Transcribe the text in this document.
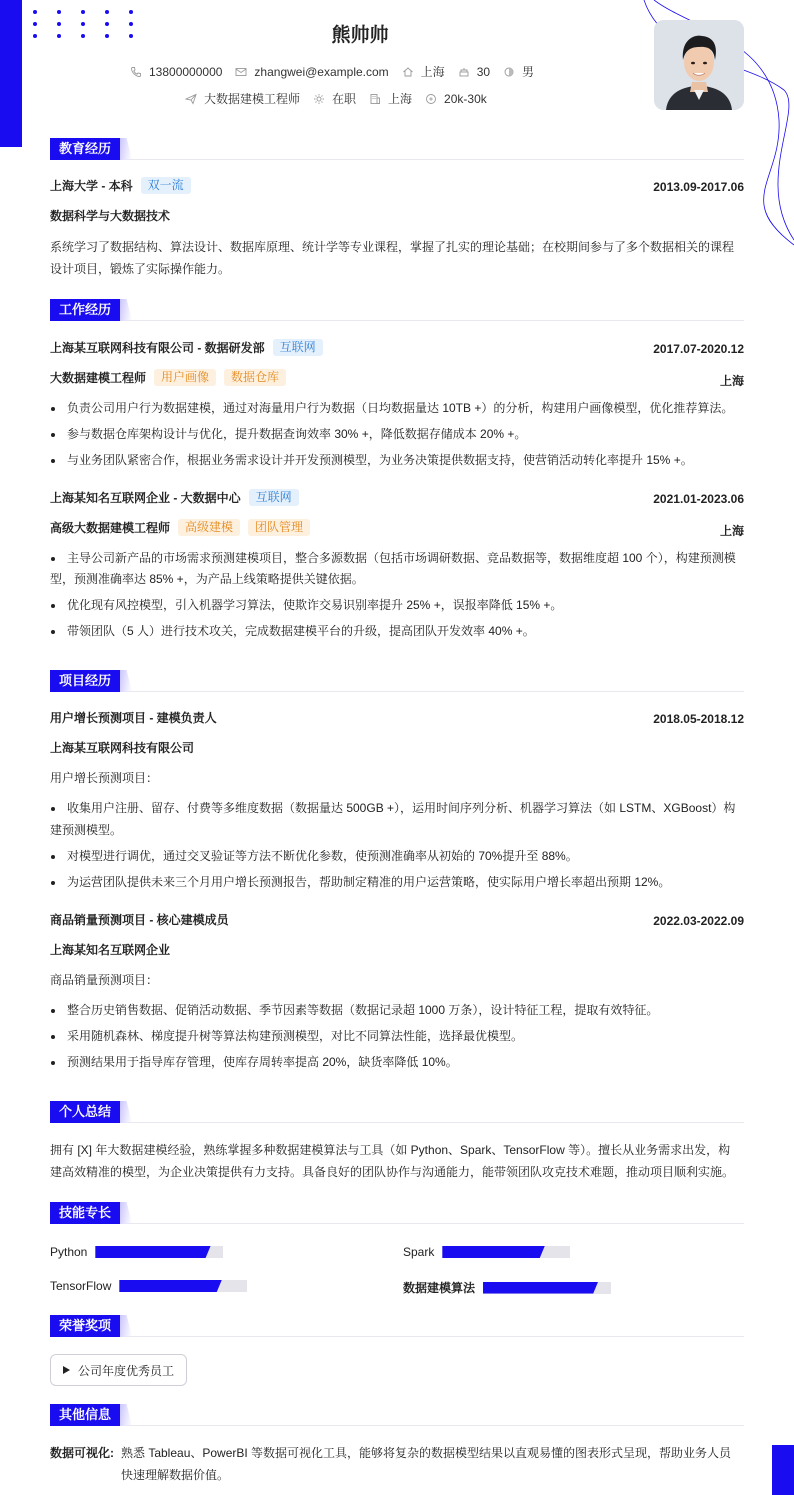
熊帅帅
13800000000	zhangwei@example.com	上海	30	男
大数据建模工程师	在职	上海	20k-30k
教育经历
上海大学 - 本科 双一流	2013.09-2017.06
数据科学与大数据技术
系统学习了数据结构、算法设计、数据库原理、统计学等专业课程，掌握了扎实的理论基础；在校期间参与了多个数据相关的课程
设计项目，锻炼了实际操作能力。
工作经历
上海某互联网科技有限公司 - 数据研发部 互联网	2017.07-2020.12
大数据建模工程师 用户画像 数据仓库	上海
负责公司用户行为数据建模，通过对海量用户行为数据（日均数据量达 10TB +）的分析，构建用户画像模型，优化推荐算法。
参与数据仓库架构设计与优化，提升数据查询效率 30% +，降低数据存储成本 20% +。
与业务团队紧密合作，根据业务需求设计并开发预测模型，为业务决策提供数据支持，使营销活动转化率提升 15% +。
上海某知名互联网企业 - 大数据中心 互联网	2021.01-2023.06
高级大数据建模工程师 高级建模 团队管理	上海
主导公司新产品的市场需求预测建模项目，整合多源数据（包括市场调研数据、竞品数据等，数据维度超 100 个），构建预测模
型，预测准确率达 85% +，为产品上线策略提供关键依据。
优化现有风控模型，引入机器学习算法，使欺诈交易识别率提升 25% +，误报率降低 15% +。
带领团队（5 人）进行技术攻关，完成数据建模平台的升级，提高团队开发效率 40% +。
项目经历
用户增长预测项目 - 建模负责人	2018.05-2018.12
上海某互联网科技有限公司
用户增长预测项目：
收集用户注册、留存、付费等多维度数据（数据量达 500GB +），运用时间序列分析、机器学习算法（如 LSTM、XGBoost）构
建预测模型。
对模型进行调优，通过交叉验证等方法不断优化参数，使预测准确率从初始的 70%提升至 88%。
为运营团队提供未来三个月用户增长预测报告，帮助制定精准的用户运营策略，使实际用户增长率超出预期 12%。
商品销量预测项目 - 核心建模成员	2022.03-2022.09
上海某知名互联网企业
商品销量预测项目：
整合历史销售数据、促销活动数据、季节因素等数据（数据记录超 1000 万条），设计特征工程，提取有效特征。
采用随机森林、梯度提升树等算法构建预测模型，对比不同算法性能，选择最优模型。
预测结果用于指导库存管理，使库存周转率提高 20%，缺货率降低 10%。
个人总结
拥有 [X] 年大数据建模经验，熟练掌握多种数据建模算法与工具（如 Python、Spark、TensorFlow 等）。擅长从业务需求出发，构
建高效精准的模型，为企业决策提供有力支持。具备良好的团队协作与沟通能力，能带领团队攻克技术难题，推动项目顺利实施。
技能专长
Python	Spark
TensorFlow	数据建模算法
荣誉奖项
公司年度优秀员工
其他信息
数据可视化: 熟悉 Tableau、PowerBI 等数据可视化工具，能够将复杂的数据模型结果以直观易懂的图表形式呈现，帮助业务人员
快速理解数据价值。
